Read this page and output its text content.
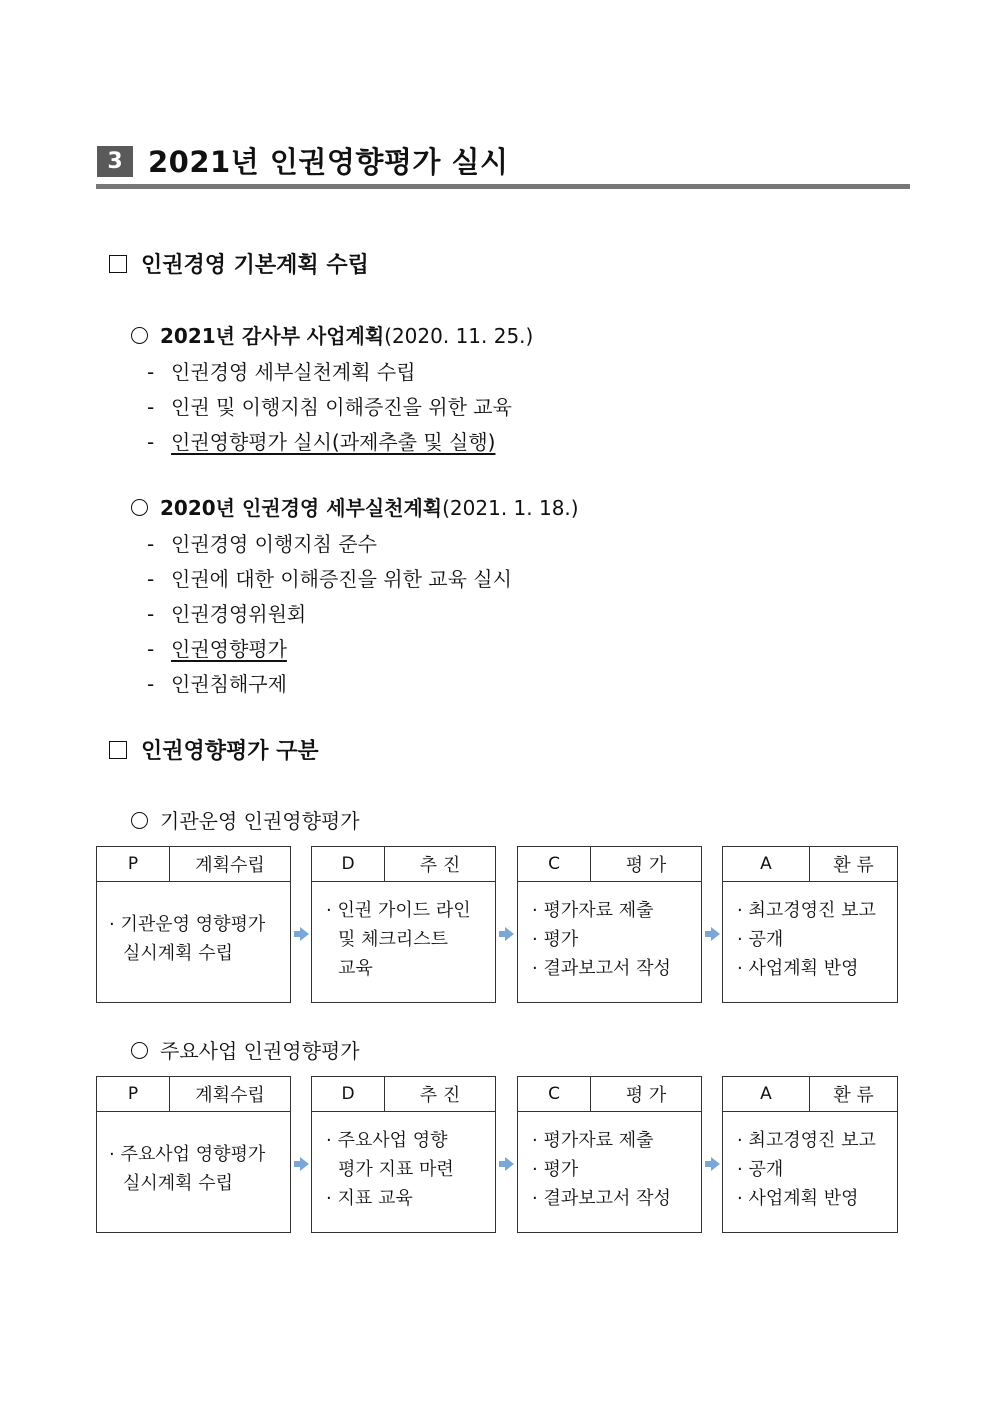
3 2021년 인권영향평가 실시
인권경영 기본계획 수립
2021년 감사부 사업계획(2020. 11. 25.)
- 인권경영 세부실천계획 수립
- 인권 및 이행지침 이해증진을 위한 교육
- 인권영향평가 실시(과제추출 및 실행)
2020년 인권경영 세부실천계획(2021. 1. 18.)
- 인권경영 이행지침 준수
- 인권에 대한 이해증진을 위한 교육 실시
- 인권경영위원회
- 인권영향평가
- 인권침해구제
인권영향평가 구분
기관운영 인권영향평가
P	계획수립
· 기관운영 영향평가
실시계획 수립
D	추 진
· 인권 가이드 라인
및 체크리스트
교육
C	평 가
· 평가자료 제출
· 평가
· 결과보고서 작성
A	환 류
· 최고경영진 보고
· 공개
· 사업계획 반영
주요사업 인권영향평가
P	계획수립
· 주요사업 영향평가
실시계획 수립
D	추 진
· 주요사업 영향
평가 지표 마련
· 지표 교육
C	평 가
· 평가자료 제출
· 평가
· 결과보고서 작성
A	환 류
· 최고경영진 보고
· 공개
· 사업계획 반영
